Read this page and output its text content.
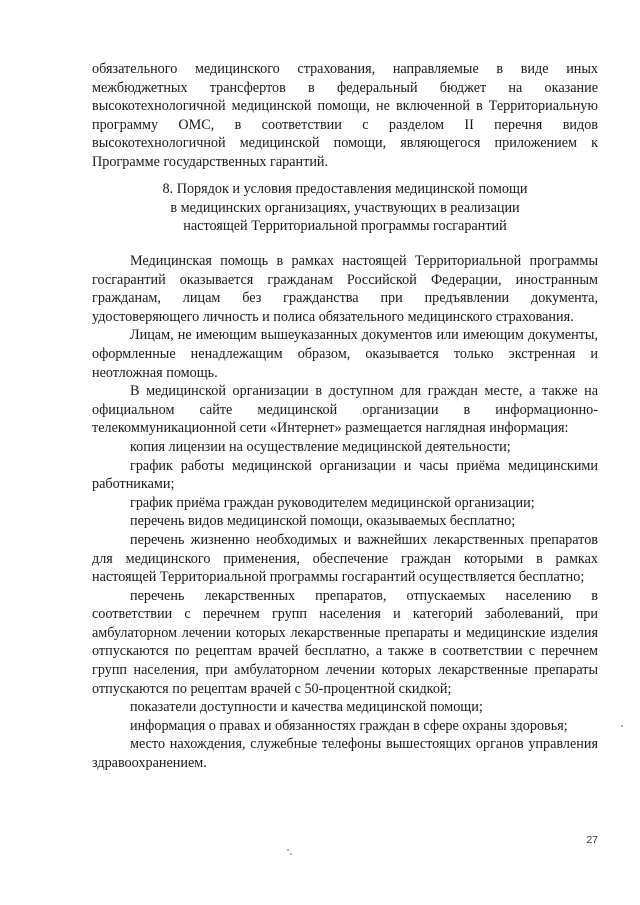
обязательного медицинского страхования, направляемые в виде иных межбюджетных трансфертов в федеральный бюджет на оказание высокотехнологичной медицинской помощи, не включенной в Территориальную программу ОМС, в соответствии с разделом II перечня видов высокотехнологичной медицинской помощи, являющегося приложением к Программе государственных гарантий.

8. Порядок и условия предоставления медицинской помощи
в медицинских организациях, участвующих в реализации
настоящей Территориальной программы госгарантий

Медицинская помощь в рамках настоящей Территориальной программы госгарантий оказывается гражданам Российской Федерации, иностранным гражданам, лицам без гражданства при предъявлении документа, удостоверяющего личность и полиса обязательного медицинского страхования.

Лицам, не имеющим вышеуказанных документов или имеющим документы, оформленные ненадлежащим образом, оказывается только экстренная и неотложная помощь.

В медицинской организации в доступном для граждан месте, а также на официальном сайте медицинской организации в информационно-телекоммуникационной сети «Интернет» размещается наглядная информация:

копия лицензии на осуществление медицинской деятельности;

график работы медицинской организации и часы приёма медицинскими работниками;

график приёма граждан руководителем медицинской организации;

перечень видов медицинской помощи, оказываемых бесплатно;

перечень жизненно необходимых и важнейших лекарственных препаратов для медицинского применения, обеспечение граждан которыми в рамках настоящей Территориальной программы госгарантий осуществляется бесплатно;

перечень лекарственных препаратов, отпускаемых населению в соответствии с перечнем групп населения и категорий заболеваний, при амбулаторном лечении которых лекарственные препараты и медицинские изделия отпускаются по рецептам врачей бесплатно, а также в соответствии с перечнем групп населения, при амбулаторном лечении которых лекарственные препараты отпускаются по рецептам врачей с 50-процентной скидкой;

показатели доступности и качества медицинской помощи;

информация о правах и обязанностях граждан в сфере охраны здоровья;

место нахождения, служебные телефоны вышестоящих органов управления здравоохранением.

27
